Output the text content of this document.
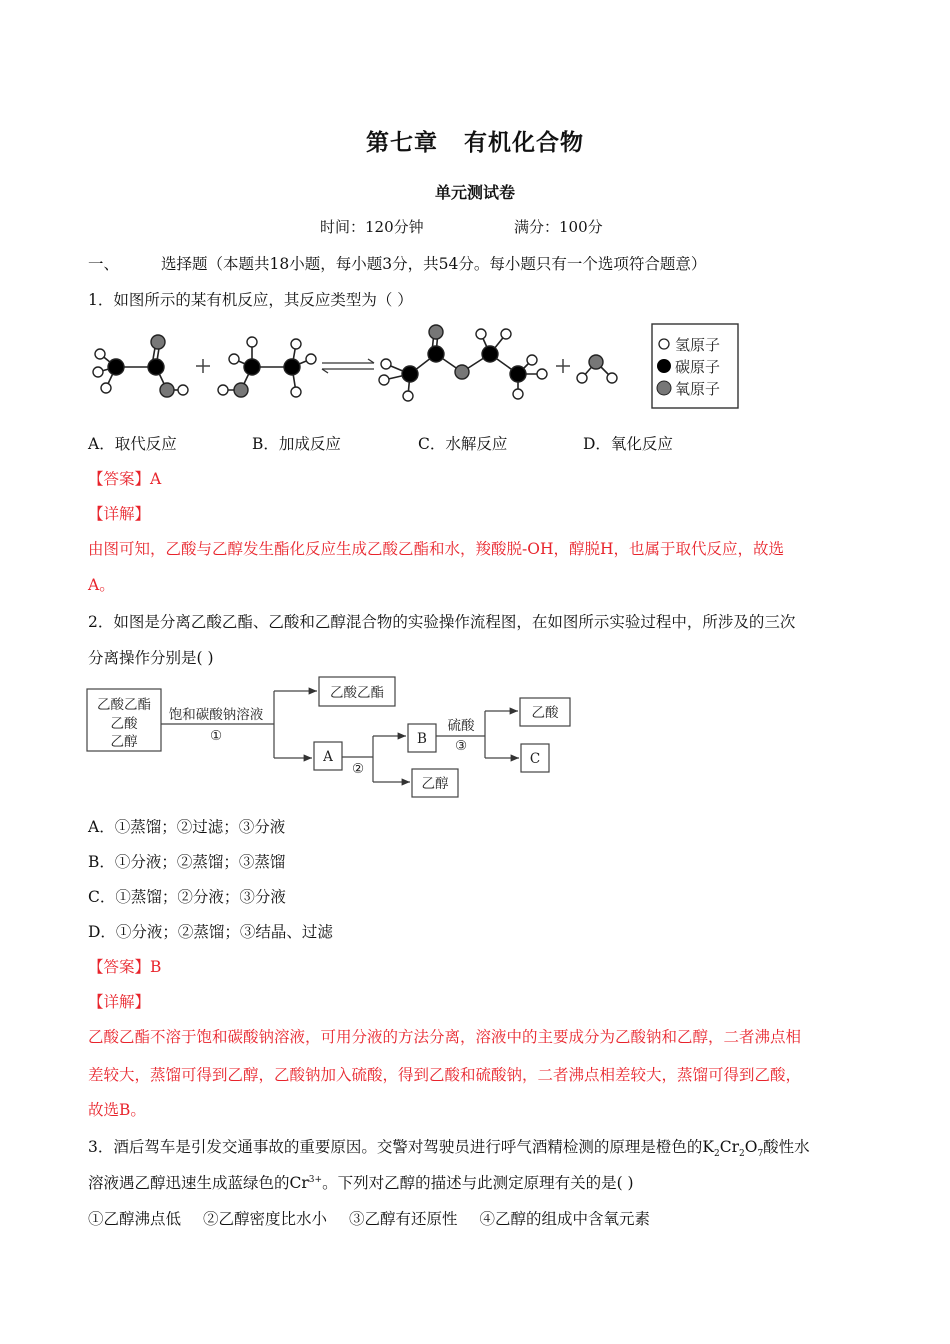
第七章 有机化合物
单元测试卷
时间：120分钟	满分：100分
一、	选择题（本题共18小题，每小题3分，共54分。每小题只有一个选项符合题意）
1．如图所示的某有机反应，其反应类型为（ ）
氢原子
碳原子
氧原子
A．取代反应	B．加成反应	C．水解反应	D．氧化反应
【答案】A
【详解】
由图可知，乙酸与乙醇发生酯化反应生成乙酸乙酯和水，羧酸脱-OH，醇脱H，也属于取代反应，故选
A。
2．如图是分离乙酸乙酯、乙酸和乙醇混合物的实验操作流程图，在如图所示实验过程中，所涉及的三次
分离操作分别是( )
乙酸乙酯
乙酸
乙醇
饱和碳酸钠溶液
①
乙酸乙酯
A
②
B
乙醇
硫酸
③
乙酸
C
A．①蒸馏；②过滤；③分液
B．①分液；②蒸馏；③蒸馏
C．①蒸馏；②分液；③分液
D．①分液；②蒸馏；③结晶、过滤
【答案】B
【详解】
乙酸乙酯不溶于饱和碳酸钠溶液，可用分液的方法分离，溶液中的主要成分为乙酸钠和乙醇，二者沸点相
差较大，蒸馏可得到乙醇，乙酸钠加入硫酸，得到乙酸和硫酸钠，二者沸点相差较大，蒸馏可得到乙酸，
故选B。
3．酒后驾车是引发交通事故的重要原因。交警对驾驶员进行呼气酒精检测的原理是橙色的$K_2Cr_2O_7$酸性水
溶液遇乙醇迅速生成蓝绿色的$Cr^{3+}$。下列对乙醇的描述与此测定原理有关的是( )
①乙醇沸点低 ②乙醇密度比水小 ③乙醇有还原性 ④乙醇的组成中含氧元素
